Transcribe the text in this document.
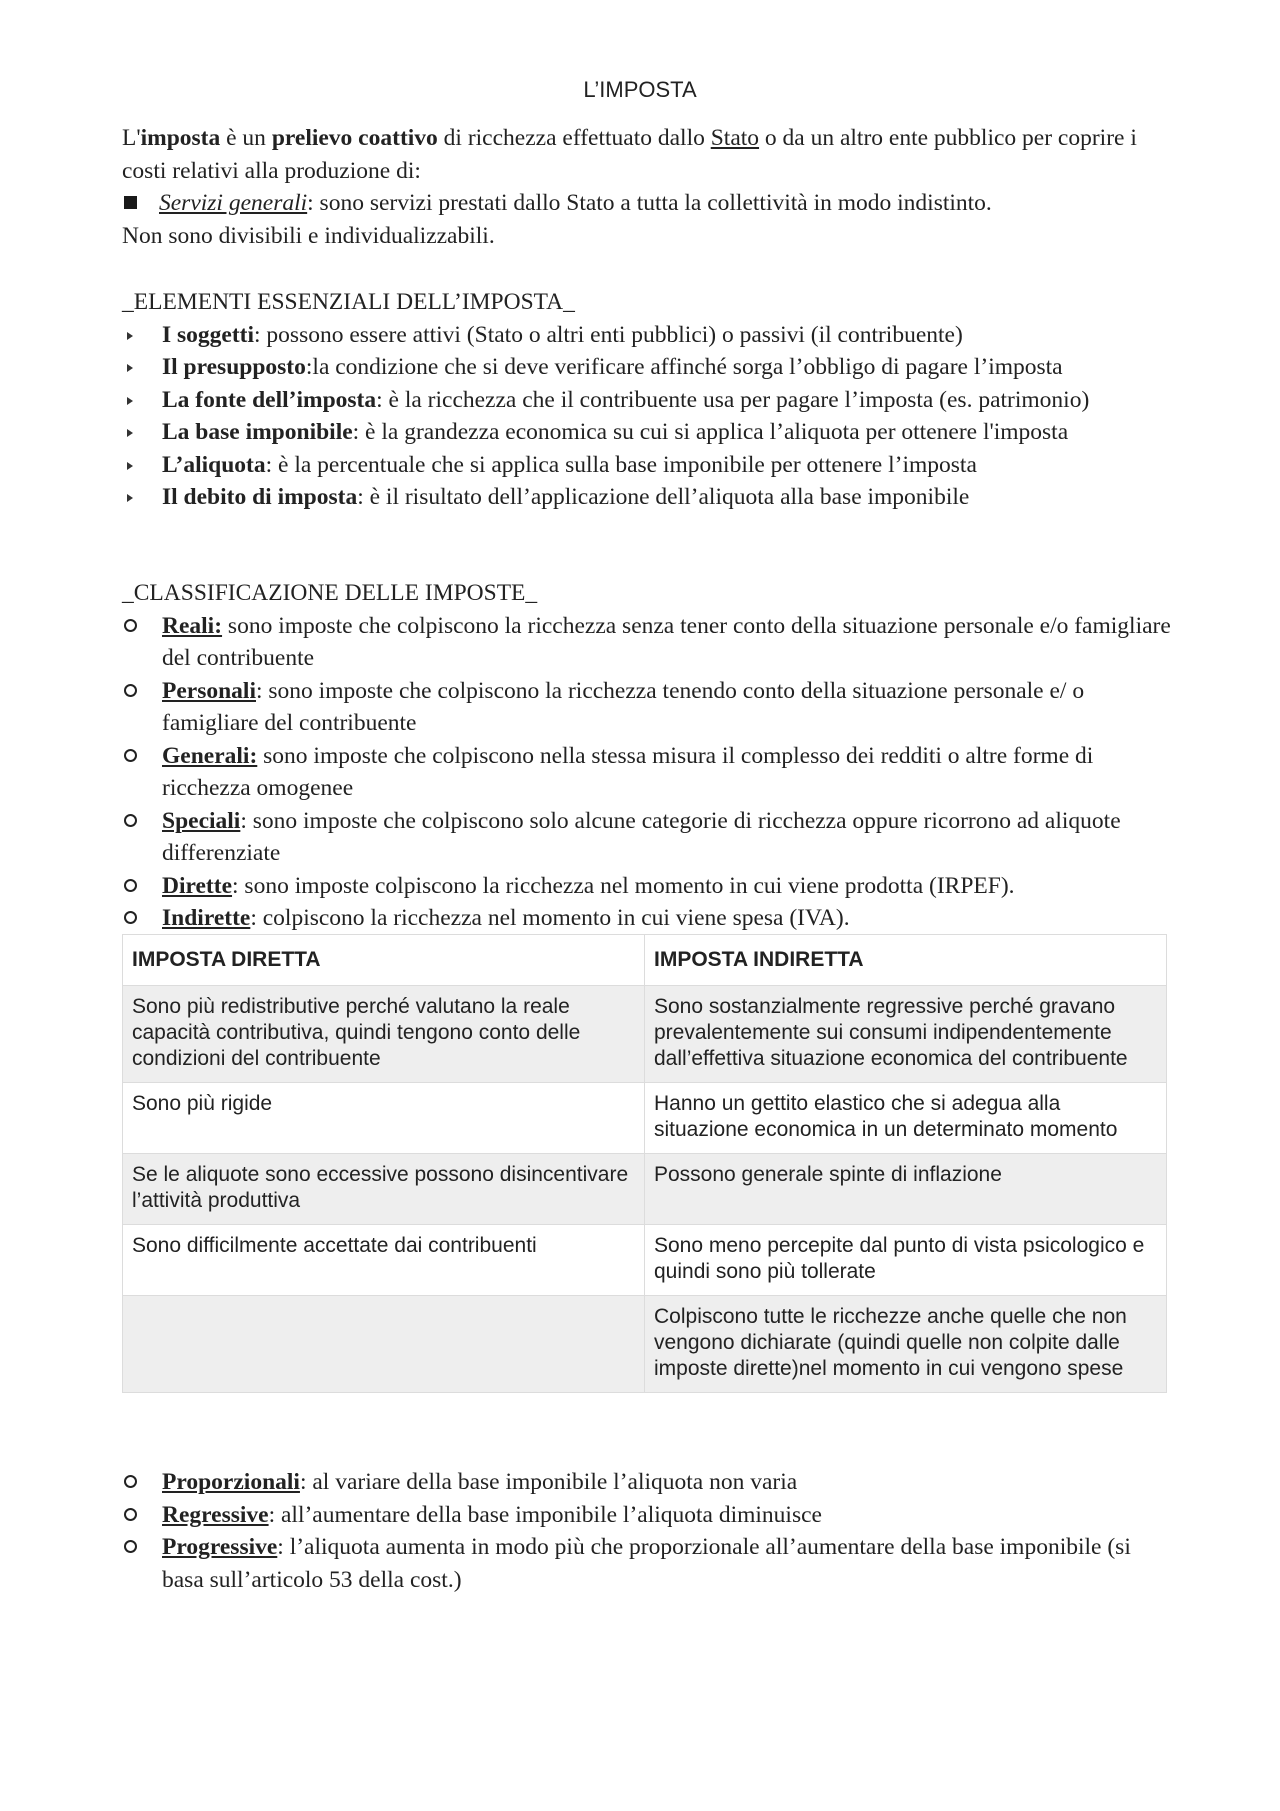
L’IMPOSTA

L'imposta è un prelievo coattivo di ricchezza effettuato dallo Stato o da un altro ente pubblico per coprire i costi relativi alla produzione di:

Servizi generali: sono servizi prestati dallo Stato a tutta la collettività in modo indistinto.

Non sono divisibili e individualizzabili.

_ELEMENTI ESSENZIALI DELL’IMPOSTA_

I soggetti: possono essere attivi (Stato o altri enti pubblici) o passivi (il contribuente)
Il presupposto:la condizione che si deve verificare affinché sorga l’obbligo di pagare l’imposta
La fonte dell’imposta: è la ricchezza che il contribuente usa per pagare l’imposta (es. patrimonio)
La base imponibile: è la grandezza economica su cui si applica l’aliquota per ottenere l'imposta
L’aliquota: è la percentuale che si applica sulla base imponibile per ottenere l’imposta
Il debito di imposta: è il risultato dell’applicazione dell’aliquota alla base imponibile

_CLASSIFICAZIONE DELLE IMPOSTE_

Reali: sono imposte che colpiscono la ricchezza senza tener conto della situazione personale e/o famigliare del contribuente
Personali: sono imposte che colpiscono la ricchezza tenendo conto della situazione personale e/ o famigliare del contribuente
Generali: sono imposte che colpiscono nella stessa misura il complesso dei redditi o altre forme di ricchezza omogenee
Speciali: sono imposte che colpiscono solo alcune categorie di ricchezza oppure ricorrono ad aliquote differenziate
Dirette: sono imposte colpiscono la ricchezza nel momento in cui viene prodotta (IRPEF).
Indirette: colpiscono la ricchezza nel momento in cui viene spesa (IVA).
IMPOSTA DIRETTA	IMPOSTA INDIRETTA
Sono più redistributive perché valutano la reale capacità contributiva, quindi tengono conto delle condizioni del contribuente	Sono sostanzialmente regressive perché gravano prevalentemente sui consumi indipendentemente dall’effettiva situazione economica del contribuente
Sono più rigide	Hanno un gettito elastico che si adegua alla situazione economica in un determinato momento
Se le aliquote sono eccessive possono disincentivare l’attività produttiva	Possono generale spinte di inflazione
Sono difficilmente accettate dai contribuenti	Sono meno percepite dal punto di vista psicologico e quindi sono più tollerate
	Colpiscono tutte le ricchezze anche quelle che non vengono dichiarate (quindi quelle non colpite dalle imposte dirette)nel momento in cui vengono spese
Proporzionali: al variare della base imponibile l’aliquota non varia
Regressive: all’aumentare della base imponibile l’aliquota diminuisce
Progressive: l’aliquota aumenta in modo più che proporzionale all’aumentare della base imponibile (si basa sull’articolo 53 della cost.)
